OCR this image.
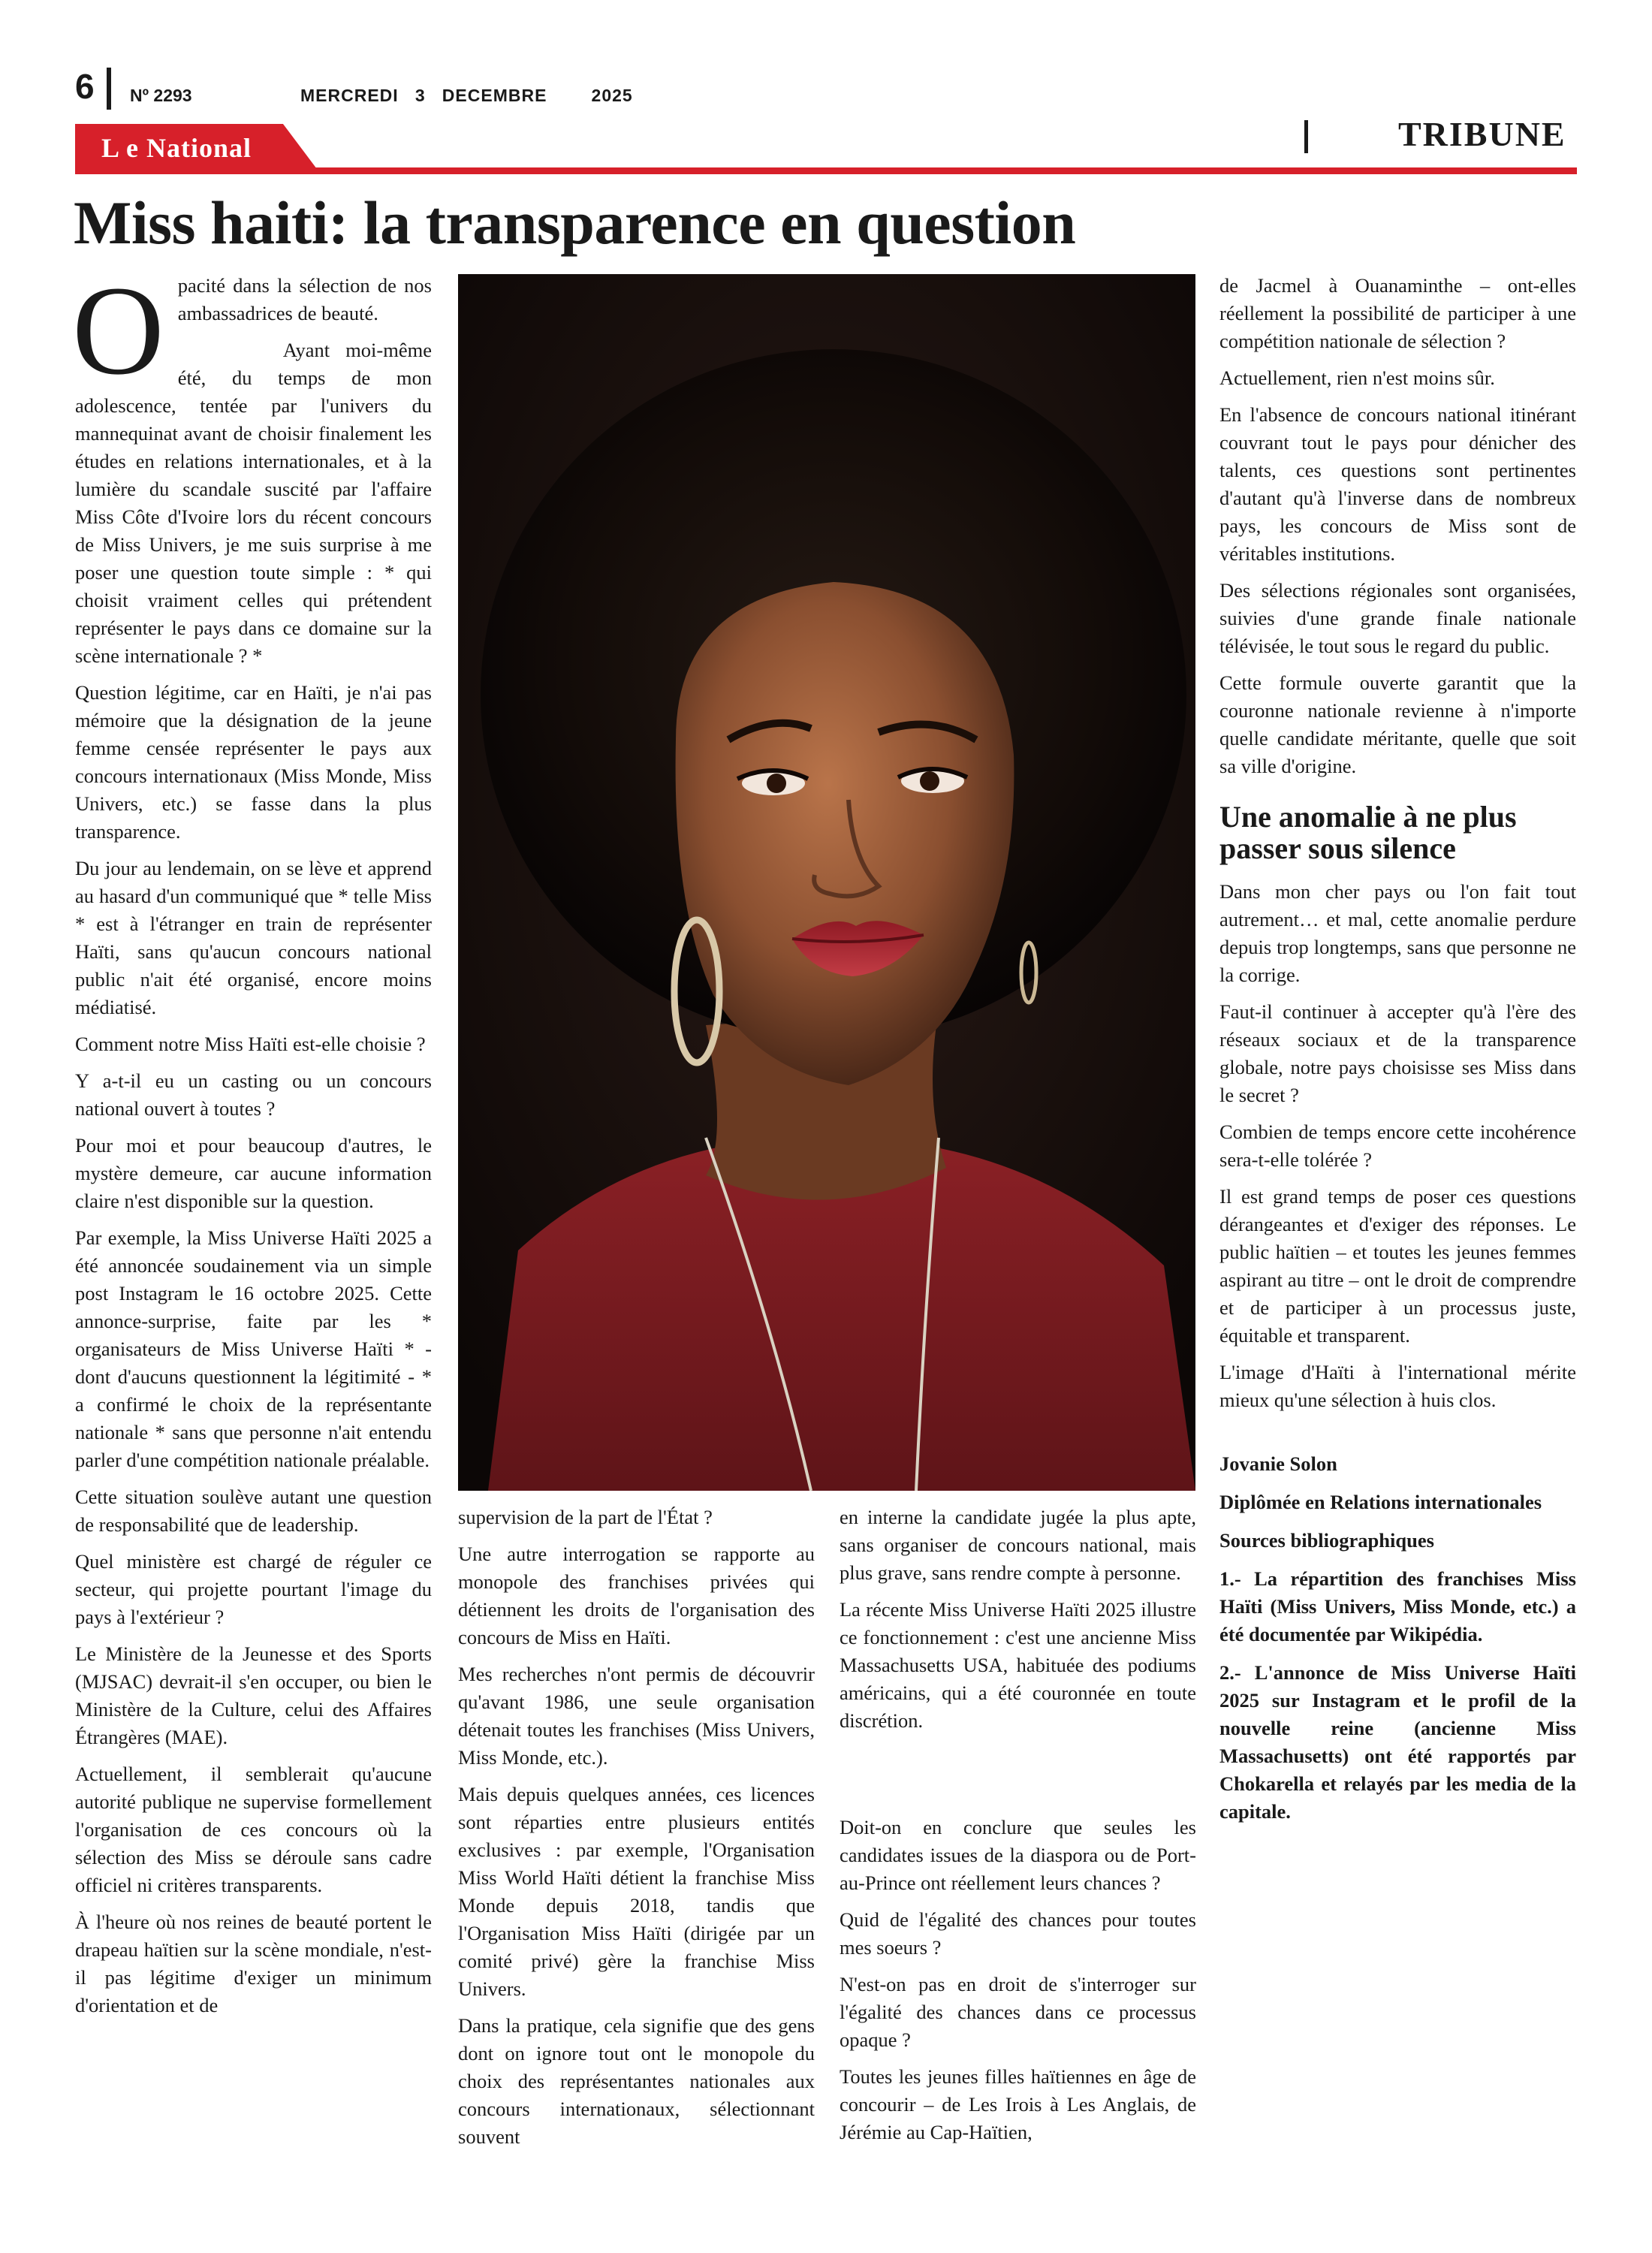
6 Nº 2293	MERCREDI   3   DECEMBRE        2025
L e National	TRIBUNE
Miss haiti: la transparence en question
O pacité dans la sélection de nos ambassadrices de beauté.

Ayant moi-même été, du temps de mon adolescence, tentée par l'univers du mannequinat avant de choisir finalement les études en relations internationales, et à la lumière du scandale suscité par l'affaire Miss Côte d'Ivoire lors du récent concours de Miss Univers, je me suis surprise à me poser une question toute simple : * qui choisit vraiment celles qui prétendent représenter le pays dans ce domaine sur la scène internationale ? *

Question légitime, car en Haïti, je n'ai pas mémoire que la désignation de la jeune femme censée représenter le pays aux concours internationaux (Miss Monde, Miss Univers, etc.) se fasse dans la plus transparence.

Du jour au lendemain, on se lève et apprend au hasard d'un communiqué que * telle Miss * est à l'étranger en train de représenter Haïti, sans qu'aucun concours national public n'ait été organisé, encore moins médiatisé.

Comment notre Miss Haïti est-elle choisie ?

Y a-t-il eu un casting ou un concours national ouvert à toutes ?

Pour moi et pour beaucoup d'autres, le mystère demeure, car aucune information claire n'est disponible sur la question.

Par exemple, la Miss Universe Haïti 2025 a été annoncée soudainement via un simple post Instagram le 16 octobre 2025. Cette annonce-surprise, faite par les * organisateurs de Miss Universe Haïti * - dont d'aucuns questionnent la légitimité - * a confirmé le choix de la représentante nationale * sans que personne n'ait entendu parler d'une compétition nationale préalable.

Cette situation soulève autant une question de responsabilité que de leadership.

Quel ministère est chargé de réguler ce secteur, qui projette pourtant l'image du pays à l'extérieur ?

Le Ministère de la Jeunesse et des Sports (MJSAC) devrait-il s'en occuper, ou bien le Ministère de la Culture, celui des Affaires Étrangères (MAE).

Actuellement, il semblerait qu'aucune autorité publique ne supervise formellement l'organisation de ces concours où la sélection des Miss se déroule sans cadre officiel ni critères transparents.

À l'heure où nos reines de beauté portent le drapeau haïtien sur la scène mondiale, n'est-il pas légitime d'exiger un minimum d'orientation et de

supervision de la part de l'État ?

Une autre interrogation se rapporte au monopole des franchises privées qui détiennent les droits de l'organisation des concours de Miss en Haïti.

Mes recherches n'ont permis de découvrir qu'avant 1986, une seule organisation détenait toutes les franchises (Miss Univers, Miss Monde, etc.).

Mais depuis quelques années, ces licences sont réparties entre plusieurs entités exclusives : par exemple, l'Organisation Miss World Haïti détient la franchise Miss Monde depuis 2018, tandis que l'Organisation Miss Haïti (dirigée par un comité privé) gère la franchise Miss Univers.

Dans la pratique, cela signifie que des gens dont on ignore tout ont le monopole du choix des représentantes nationales aux concours internationaux, sélectionnant souvent

en interne la candidate jugée la plus apte, sans organiser de concours national, mais plus grave, sans rendre compte à personne.

La récente Miss Universe Haïti 2025 illustre ce fonctionnement : c'est une ancienne Miss Massachusetts USA, habituée des podiums américains, qui a été couronnée en toute discrétion.

Doit-on en conclure que seules les candidates issues de la diaspora ou de Port-au-Prince ont réellement leurs chances ?

Quid de l'égalité des chances pour toutes mes soeurs ?

N'est-on pas en droit de s'interroger sur l'égalité des chances dans ce processus opaque ?

Toutes les jeunes filles haïtiennes en âge de concourir – de Les Irois à Les Anglais, de Jérémie au Cap-Haïtien,

de Jacmel à Ouanaminthe – ont-elles réellement la possibilité de participer à une compétition nationale de sélection ?

Actuellement, rien n'est moins sûr.

En l'absence de concours national itinérant couvrant tout le pays pour dénicher des talents, ces questions sont pertinentes d'autant qu'à l'inverse dans de nombreux pays, les concours de Miss sont de véritables institutions.

Des sélections régionales sont organisées, suivies d'une grande finale nationale télévisée, le tout sous le regard du public.

Cette formule ouverte garantit que la couronne nationale revienne à n'importe quelle candidate méritante, quelle que soit sa ville d'origine.

Une anomalie à ne plus passer sous silence

Dans mon cher pays ou l'on fait tout autrement… et mal, cette anomalie perdure depuis trop longtemps, sans que personne ne la corrige.

Faut-il continuer à accepter qu'à l'ère des réseaux sociaux et de la transparence globale, notre pays choisisse ses Miss dans le secret ?

Combien de temps encore cette incohérence sera-t-elle tolérée ?

Il est grand temps de poser ces questions dérangeantes et d'exiger des réponses. Le public haïtien – et toutes les jeunes femmes aspirant au titre – ont le droit de comprendre et de participer à un processus juste, équitable et transparent.

L'image d'Haïti à l'international mérite mieux qu'une sélection à huis clos.

Jovanie Solon

Diplômée en Relations internationales

Sources bibliographiques

1.- La répartition des franchises Miss Haïti (Miss Univers, Miss Monde, etc.) a été documentée par Wikipédia.

2.- L'annonce de Miss Universe Haïti 2025 sur Instagram et le profil de la nouvelle reine (ancienne Miss Massachusetts) ont été rapportés par Chokarella et relayés par les media de la capitale.
